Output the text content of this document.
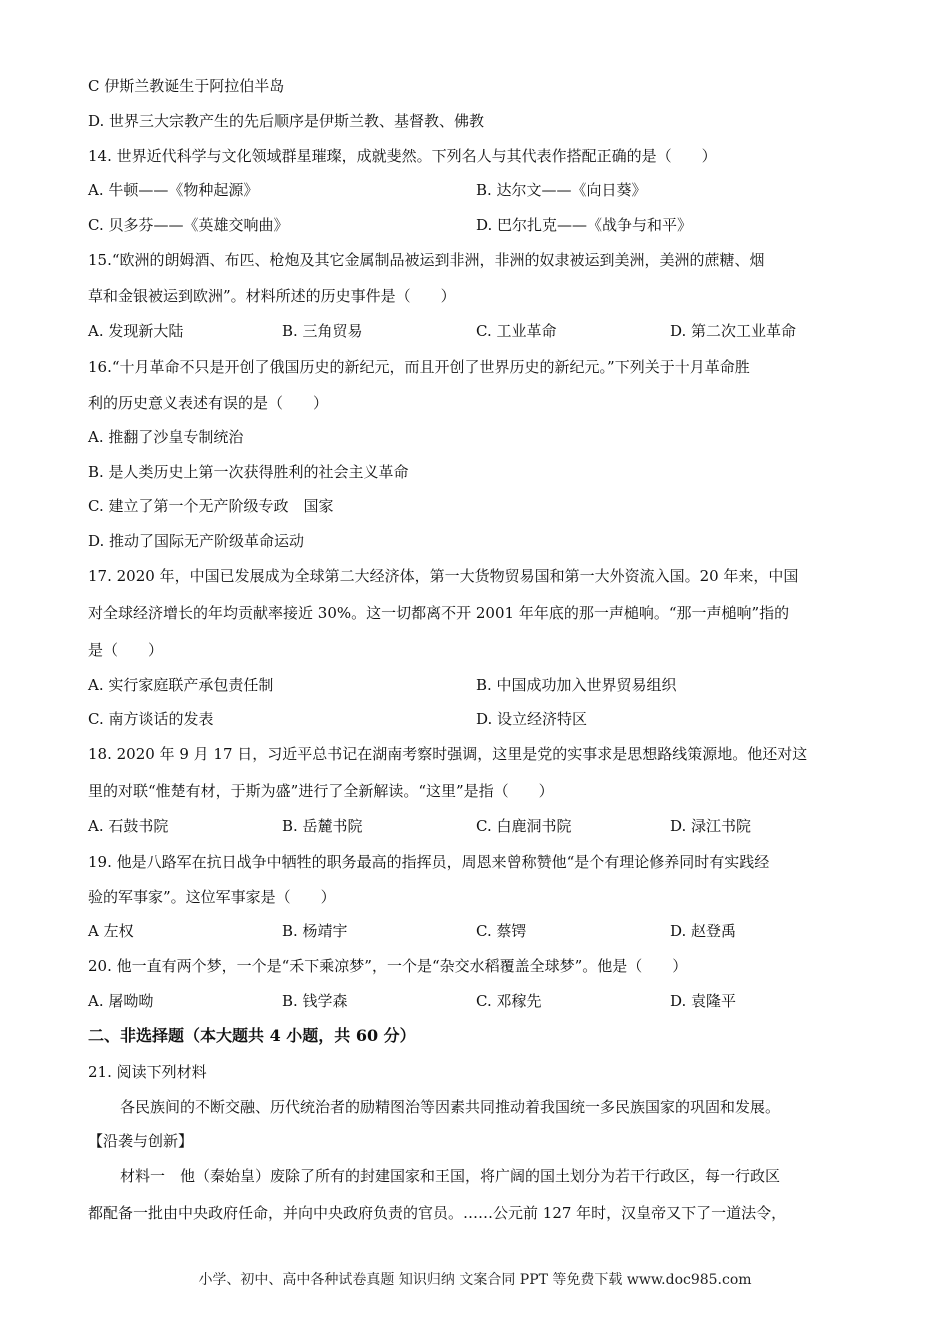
C 伊斯兰教诞生于阿拉伯半岛
D. 世界三大宗教产生的先后顺序是伊斯兰教、基督教、佛教
14. 世界近代科学与文化领域群星璀璨，成就斐然。下列名人与其代表作搭配正确的是（　　）
A. 牛顿——《物种起源》	B. 达尔文——《向日葵》
C. 贝多芬——《英雄交响曲》	D. 巴尔扎克——《战争与和平》
15.“欧洲的朗姆酒、布匹、枪炮及其它金属制品被运到非洲，非洲的奴隶被运到美洲，美洲的蔗糖、烟
草和金银被运到欧洲”。材料所述的历史事件是（　　）
A. 发现新大陆	B. 三角贸易	C. 工业革命	D. 第二次工业革命
16.“十月革命不只是开创了俄国历史的新纪元，而且开创了世界历史的新纪元。”下列关于十月革命胜
利的历史意义表述有误的是（　　）
A. 推翻了沙皇专制统治
B. 是人类历史上第一次获得胜利的社会主义革命
C. 建立了第一个无产阶级专政　国家
D. 推动了国际无产阶级革命运动
17. 2020 年，中国已发展成为全球第二大经济体，第一大货物贸易国和第一大外资流入国。20 年来，中国
对全球经济增长的年均贡献率接近 30%。这一切都离不开 2001 年年底的那一声槌响。“那一声槌响”指的
是（　　）
A. 实行家庭联产承包责任制	B. 中国成功加入世界贸易组织
C. 南方谈话的发表	D. 设立经济特区
18. 2020 年 9 月 17 日，习近平总书记在湖南考察时强调，这里是党的实事求是思想路线策源地。他还对这
里的对联“惟楚有材，于斯为盛”进行了全新解读。“这里”是指（　　）
A. 石鼓书院	B. 岳麓书院	C. 白鹿洞书院	D. 渌江书院
19. 他是八路军在抗日战争中牺牲的职务最高的指挥员，周恩来曾称赞他“是个有理论修养同时有实践经
验的军事家”。这位军事家是（　　）
A 左权	B. 杨靖宇	C. 蔡锷	D. 赵登禹
20. 他一直有两个梦，一个是“禾下乘凉梦”，一个是“杂交水稻覆盖全球梦”。他是（　　）
A. 屠呦呦	B. 钱学森	C. 邓稼先	D. 袁隆平
二、非选择题（本大题共 4 小题，共 60 分）
21. 阅读下列材料
各民族间的不断交融、历代统治者的励精图治等因素共同推动着我国统一多民族国家的巩固和发展。
【沿袭与创新】
材料一　他（秦始皇）废除了所有的封建国家和王国，将广阔的国土划分为若干行政区，每一行政区
都配备一批由中央政府任命，并向中央政府负责的官员。……公元前 127 年时，汉皇帝又下了一道法令，
小学、初中、高中各种试卷真题 知识归纳 文案合同 PPT 等免费下载 www.doc985.com
